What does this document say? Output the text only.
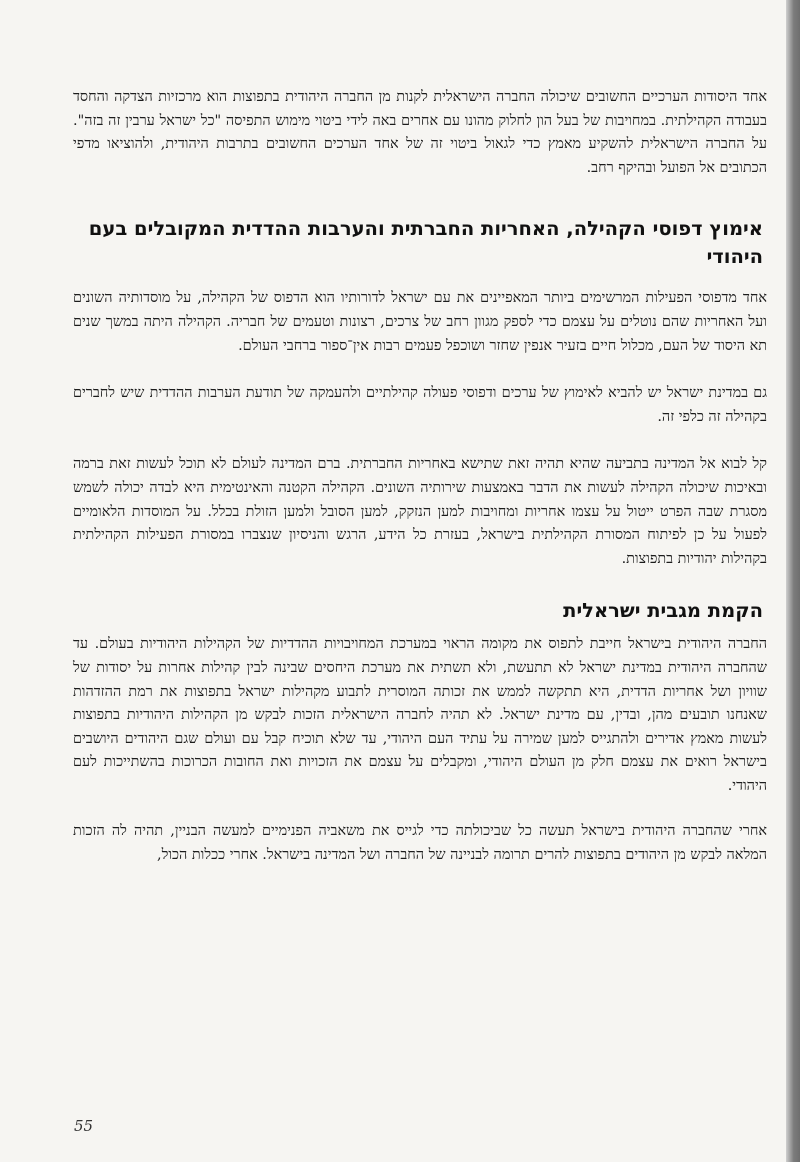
אחד היסודות הערכיים החשובים שיכולה החברה הישראלית לקנות מן החברה היהודית בתפוצות הוא מרכזיות הצדקה והחסד בעבודה הקהילתית. במחויבות של בעל הון לחלוק מהונו עם אחרים באה לידי ביטוי מימוש התפיסה "כל ישראל ערבין זה בזה". על החברה הישראלית להשקיע מאמץ כדי לגאול ביטוי זה של אחד הערכים החשובים בתרבות היהודית, ולהוציאו מדפי הכתובים אל הפועל ובהיקף רחב.

אימוץ דפוסי הקהילה, האחריות החברתית והערבות ההדדית המקובלים בעם היהודי

אחד מדפוסי הפעילות המרשימים ביותר המאפיינים את עם ישראל לדורותיו הוא הדפוס של הקהילה, על מוסדותיה השונים ועל האחריות שהם נוטלים על עצמם כדי לספק מגוון רחב של צרכים, רצונות וטעמים של חבריה. הקהילה היתה במשך שנים תא היסוד של העם, מכלול חיים בזעיר אנפין שחזר ושוכפל פעמים רבות אין־ספור ברחבי העולם.

גם במדינת ישראל יש להביא לאימוץ של ערכים ודפוסי פעולה קהילתיים ולהעמקה של תודעת הערבות ההדדית שיש לחברים בקהילה זה כלפי זה.

קל לבוא אל המדינה בתביעה שהיא תהיה זאת שתישא באחריות החברתית. ברם המדינה לעולם לא תוכל לעשות זאת ברמה ובאיכות שיכולה הקהילה לעשות את הדבר באמצעות שירותיה השונים. הקהילה הקטנה והאינטימית היא לבדה יכולה לשמש מסגרת שבה הפרט ייטול על עצמו אחריות ומחויבות למען הנזקק, למען הסובל ולמען הזולת בכלל. על המוסדות הלאומיים לפעול על כן לפיתוח המסורת הקהילתית בישראל, בעזרת כל הידע, הרגש והניסיון שנצברו במסורת הפעילות הקהילתית בקהילות יהודיות בתפוצות.

הקמת מגבית ישראלית

החברה היהודית בישראל חייבת לתפוס את מקומה הראוי במערכת המחויבויות ההדדיות של הקהילות היהודיות בעולם. עד שהחברה היהודית במדינת ישראל לא תתעשת, ולא תשתית את מערכת היחסים שבינה לבין קהילות אחרות על יסודות של שוויון ושל אחריות הדדית, היא תתקשה לממש את זכותה המוסרית לתבוע מקהילות ישראל בתפוצות את רמת ההזדהות שאנחנו תובעים מהן, ובדין, עם מדינת ישראל. לא תהיה לחברה הישראלית הזכות לבקש מן הקהילות היהודיות בתפוצות לעשות מאמץ אדירים ולהתגייס למען שמירה על עתיד העם היהודי, עד שלא תוכיח קבל עם ועולם שגם היהודים היושבים בישראל רואים את עצמם חלק מן העולם היהודי, ומקבלים על עצמם את הזכויות ואת החובות הכרוכות בהשתייכות לעם היהודי.

אחרי שהחברה היהודית בישראל תעשה כל שביכולתה כדי לגייס את משאביה הפנימיים למעשה הבניין, תהיה לה הזכות המלאה לבקש מן היהודים בתפוצות להרים תרומה לבניינה של החברה ושל המדינה בישראל. אחרי ככלות הכול,

55
